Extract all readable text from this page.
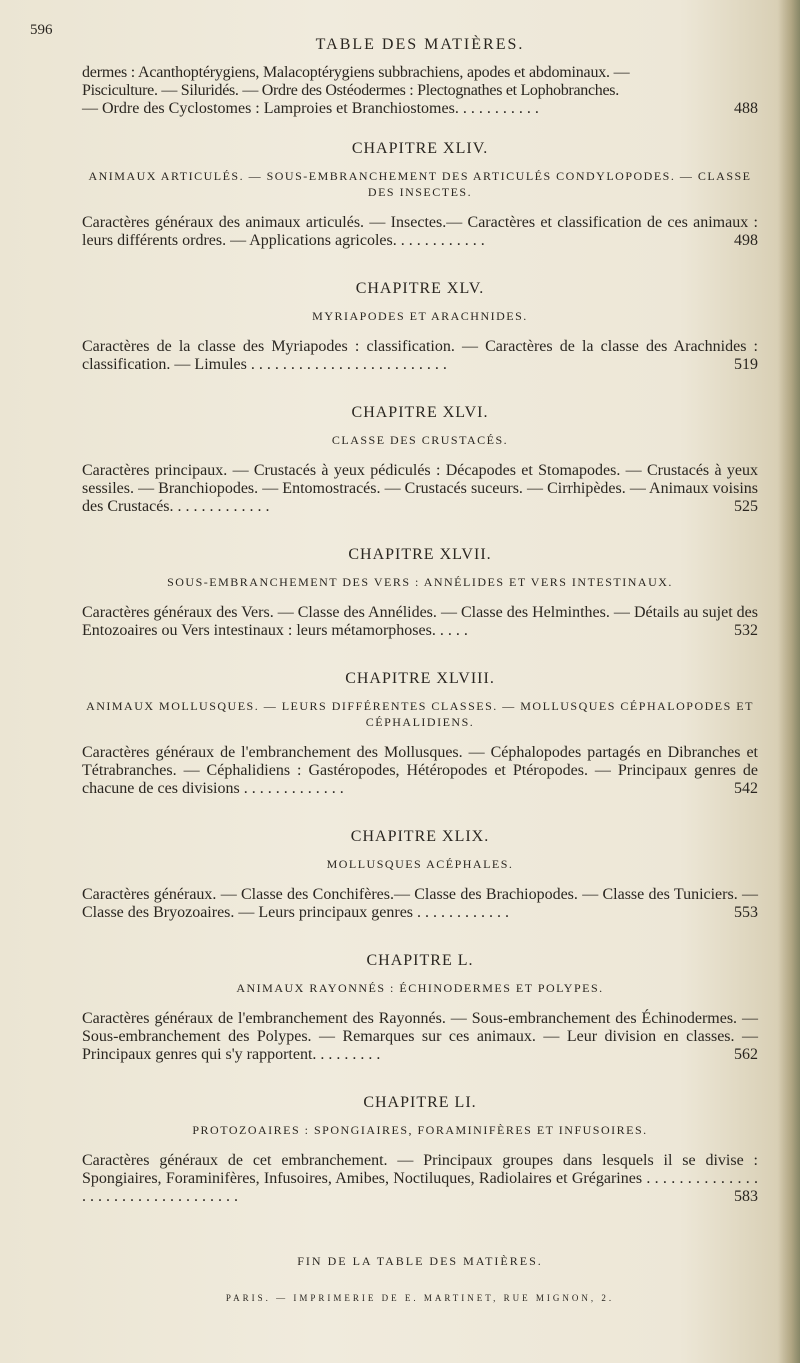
596
TABLE DES MATIÈRES.

dermes : Acanthoptérygiens, Malacoptérygiens subbrachiens, apodes et abdominaux. —

Pisciculture. — Siluridés. — Ordre des Ostéodermes : Plectognathes et Lophobranches.

— Ordre des Cyclostomes : Lamproies et Branchiostomes. . . . . . . . . . .	488

CHAPITRE XLIV.
ANIMAUX ARTICULÉS. — SOUS-EMBRANCHEMENT DES ARTICULÉS CONDYLOPODES. — CLASSE DES INSECTES.

Caractères généraux des animaux articulés. — Insectes.— Caractères et classification de ces animaux : leurs différents ordres. — Applications agricoles. . . . . . . . . . . .	498

CHAPITRE XLV.
MYRIAPODES ET ARACHNIDES.

Caractères de la classe des Myriapodes : classification. — Caractères de la classe des Arachnides : classification. — Limules . . . . . . . . . . . . . . . . . . . . . . . . .	519

CHAPITRE XLVI.
CLASSE DES CRUSTACÉS.

Caractères principaux. — Crustacés à yeux pédiculés : Décapodes et Stomapodes. — Crustacés à yeux sessiles. — Branchiopodes. — Entomostracés. — Crustacés suceurs. — Cirrhipèdes. — Animaux voisins des Crustacés. . . . . . . . . . . . .	525

CHAPITRE XLVII.
SOUS-EMBRANCHEMENT DES VERS : ANNÉLIDES ET VERS INTESTINAUX.

Caractères généraux des Vers. — Classe des Annélides. — Classe des Helminthes. — Détails au sujet des Entozoaires ou Vers intestinaux : leurs métamorphoses. . . . .	532

CHAPITRE XLVIII.
ANIMAUX MOLLUSQUES. — LEURS DIFFÉRENTES CLASSES. — MOLLUSQUES CÉPHALOPODES ET CÉPHALIDIENS.

Caractères généraux de l'embranchement des Mollusques. — Céphalopodes partagés en Dibranches et Tétrabranches. — Céphalidiens : Gastéropodes, Hétéropodes et Ptéropodes. — Principaux genres de chacune de ces divisions . . . . . . . . . . . . .	542

CHAPITRE XLIX.
MOLLUSQUES ACÉPHALES.

Caractères généraux. — Classe des Conchifères.— Classe des Brachiopodes. — Classe des Tuniciers. — Classe des Bryozoaires. — Leurs principaux genres . . . . . . . . . . . .	553

CHAPITRE L.
ANIMAUX RAYONNÉS : ÉCHINODERMES ET POLYPES.

Caractères généraux de l'embranchement des Rayonnés. — Sous-embranchement des Échinodermes. — Sous-embranchement des Polypes. — Remarques sur ces animaux. — Leur division en classes. — Principaux genres qui s'y rapportent. . . . . . . . .	562

CHAPITRE LI.
PROTOZOAIRES : SPONGIAIRES, FORAMINIFÈRES ET INFUSOIRES.

Caractères généraux de cet embranchement. — Principaux groupes dans lesquels il se divise : Spongiaires, Foraminifères, Infusoires, Amibes, Noctiluques, Radiolaires et Grégarines . . . . . . . . . . . . . . . . . . . . . . . . . . . . . . . . . .	583

FIN DE LA TABLE DES MATIÈRES.
PARIS. — IMPRIMERIE DE E. MARTINET, RUE MIGNON, 2.
